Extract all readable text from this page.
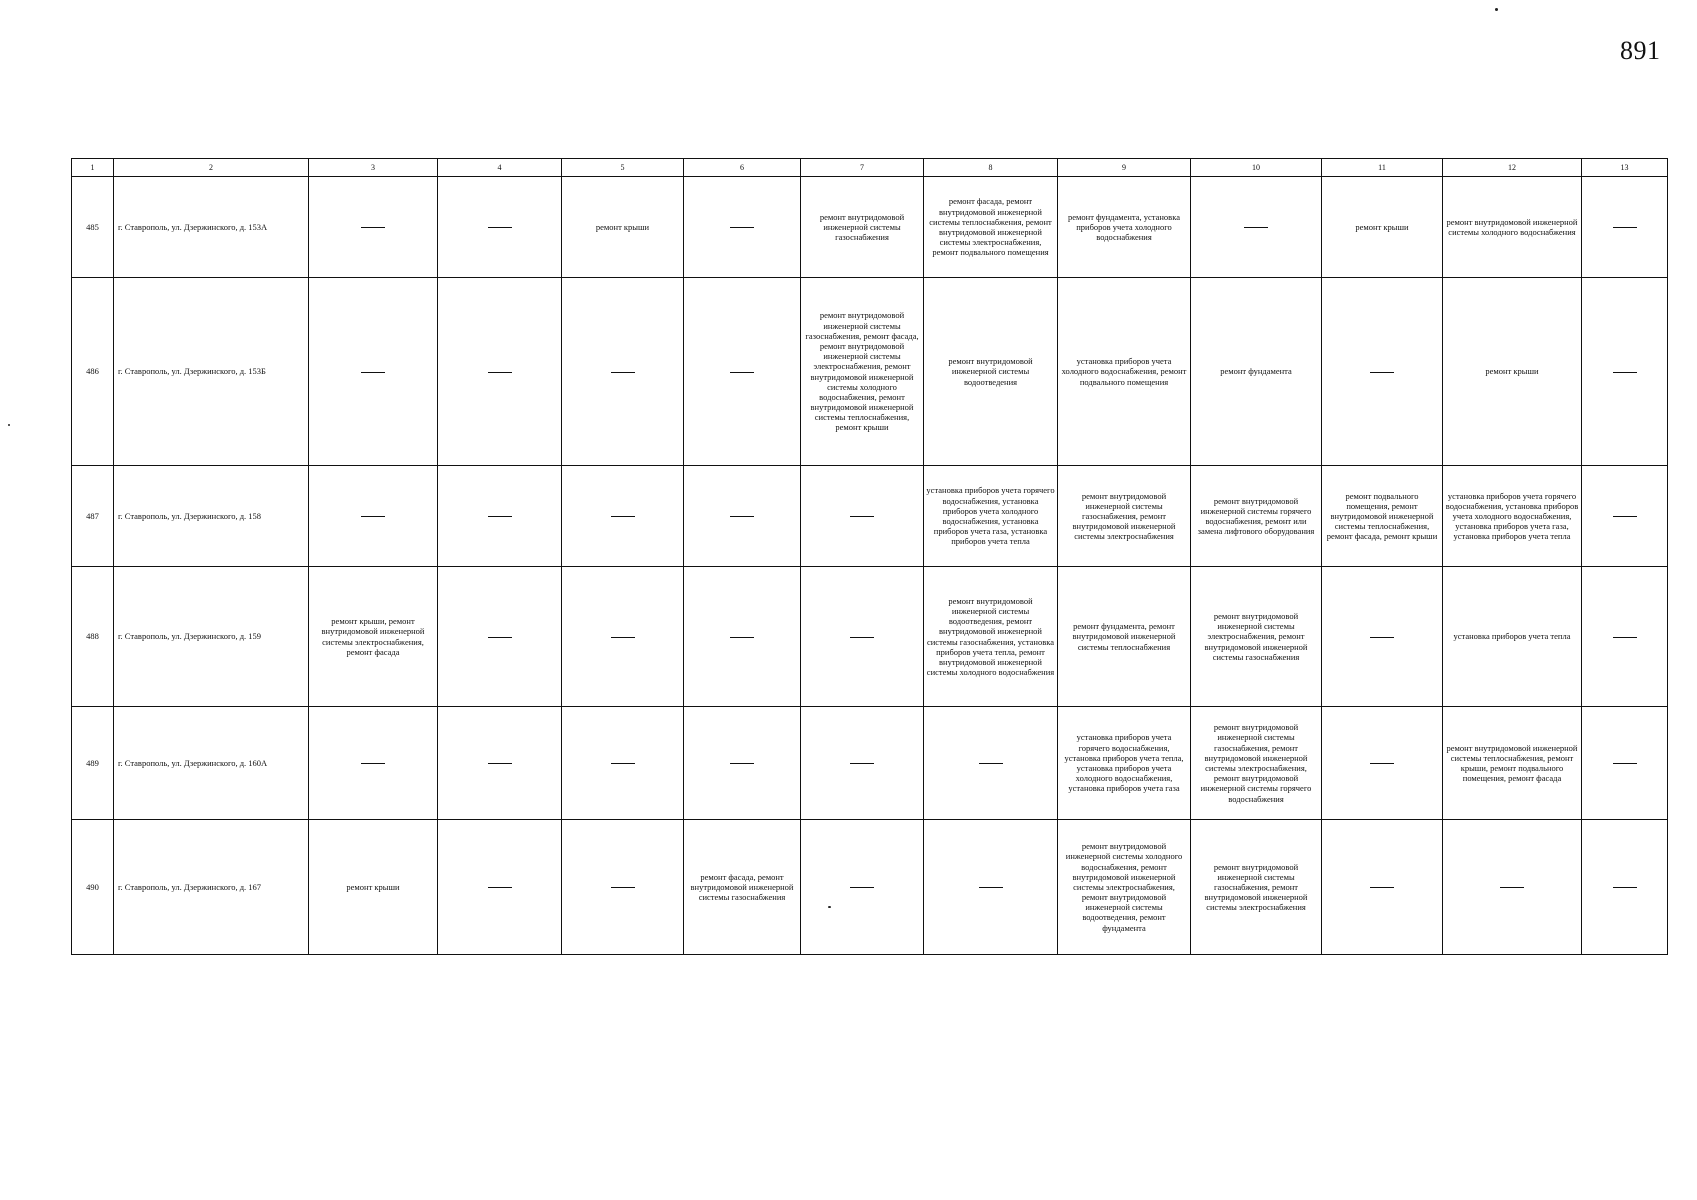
891
1	2	3	4	5	6	7	8	9	10	11	12	13
485	г. Ставрополь, ул. Дзержинского, д. 153А			ремонт крыши		ремонт внутридомовой инженерной системы газоснабжения	ремонт фасада, ремонт внутридомовой инженерной системы теплоснабжения, ремонт внутридомовой инженерной системы электроснабжения, ремонт подвального помещения	ремонт фундамента, установка приборов учета холодного водоснабжения		ремонт крыши	ремонт внутридомовой инженерной системы холодного водоснабжения	
486	г. Ставрополь, ул. Дзержинского, д. 153Б					ремонт внутридомовой инженерной системы газоснабжения, ремонт фасада, ремонт внутридомовой инженерной системы электроснабжения, ремонт внутридомовой инженерной системы холодного водоснабжения, ремонт внутридомовой инженерной системы теплоснабжения, ремонт крыши	ремонт внутридомовой инженерной системы водоотведения	установка приборов учета холодного водоснабжения, ремонт подвального помещения	ремонт фундамента		ремонт крыши	
487	г. Ставрополь, ул. Дзержинского, д. 158						установка приборов учета горячего водоснабжения, установка приборов учета холодного водоснабжения, установка приборов учета газа, установка приборов учета тепла	ремонт внутридомовой инженерной системы газоснабжения, ремонт внутридомовой инженерной системы электроснабжения	ремонт внутридомовой инженерной системы горячего водоснабжения, ремонт или замена лифтового оборудования	ремонт подвального помещения, ремонт внутридомовой инженерной системы теплоснабжения, ремонт фасада, ремонт крыши	установка приборов учета горячего водоснабжения, установка приборов учета холодного водоснабжения, установка приборов учета газа, установка приборов учета тепла	
488	г. Ставрополь, ул. Дзержинского, д. 159	ремонт крыши, ремонт внутридомовой инженерной системы электроснабжения, ремонт фасада					ремонт внутридомовой инженерной системы водоотведения, ремонт внутридомовой инженерной системы газоснабжения, установка приборов учета тепла, ремонт внутридомовой инженерной системы холодного водоснабжения	ремонт фундамента, ремонт внутридомовой инженерной системы теплоснабжения	ремонт внутридомовой инженерной системы электроснабжения, ремонт внутридомовой инженерной системы газоснабжения		установка приборов учета тепла	
489	г. Ставрополь, ул. Дзержинского, д. 160А							установка приборов учета горячего водоснабжения, установка приборов учета тепла, установка приборов учета холодного водоснабжения, установка приборов учета газа	ремонт внутридомовой инженерной системы газоснабжения, ремонт внутридомовой инженерной системы электроснабжения, ремонт внутридомовой инженерной системы горячего водоснабжения		ремонт внутридомовой инженерной системы теплоснабжения, ремонт крыши, ремонт подвального помещения, ремонт фасада	
490	г. Ставрополь, ул. Дзержинского, д. 167	ремонт крыши			ремонт фасада, ремонт внутридомовой инженерной системы газоснабжения			ремонт внутридомовой инженерной системы холодного водоснабжения, ремонт внутридомовой инженерной системы электроснабжения, ремонт внутридомовой инженерной системы водоотведения, ремонт фундамента	ремонт внутридомовой инженерной системы газоснабжения, ремонт внутридомовой инженерной системы электроснабжения			
